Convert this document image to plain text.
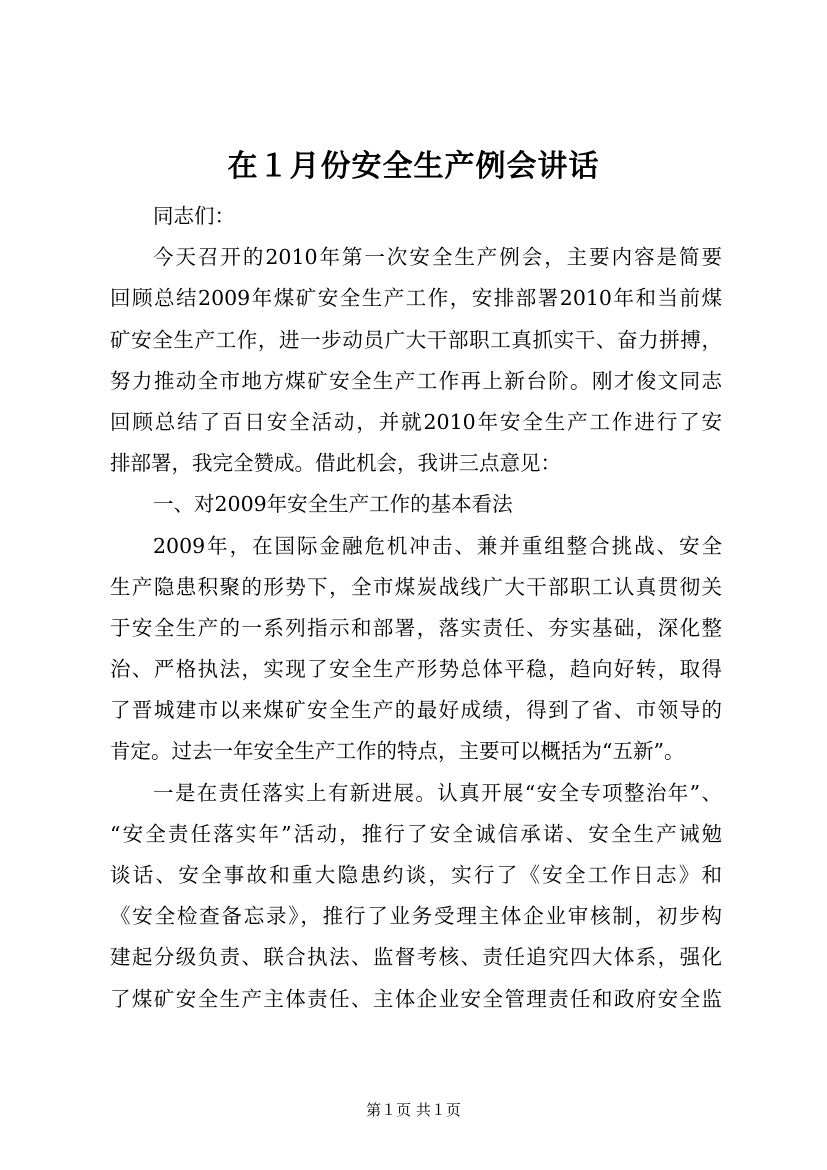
在１月份安全生产例会讲话
同志们：
今天召开的2010年第一次安全生产例会，主要内容是简要
回顾总结2009年煤矿安全生产工作，安排部署2010年和当前煤
矿安全生产工作，进一步动员广大干部职工真抓实干、奋力拼搏，
努力推动全市地方煤矿安全生产工作再上新台阶。刚才俊文同志
回顾总结了百日安全活动，并就2010年安全生产工作进行了安
排部署，我完全赞成。借此机会，我讲三点意见：
一、对2009年安全生产工作的基本看法
2009年，在国际金融危机冲击、兼并重组整合挑战、安全
生产隐患积聚的形势下，全市煤炭战线广大干部职工认真贯彻关
于安全生产的一系列指示和部署，落实责任、夯实基础，深化整
治、严格执法，实现了安全生产形势总体平稳，趋向好转，取得
了晋城建市以来煤矿安全生产的最好成绩，得到了省、市领导的
肯定。过去一年安全生产工作的特点，主要可以概括为“五新”。
一是在责任落实上有新进展。认真开展“安全专项整治年”、
“安全责任落实年”活动，推行了安全诚信承诺、安全生产诫勉
谈话、安全事故和重大隐患约谈，实行了《安全工作日志》和
《安全检查备忘录》，推行了业务受理主体企业审核制，初步构
建起分级负责、联合执法、监督考核、责任追究四大体系，强化
了煤矿安全生产主体责任、主体企业安全管理责任和政府安全监
第１页 共１页
